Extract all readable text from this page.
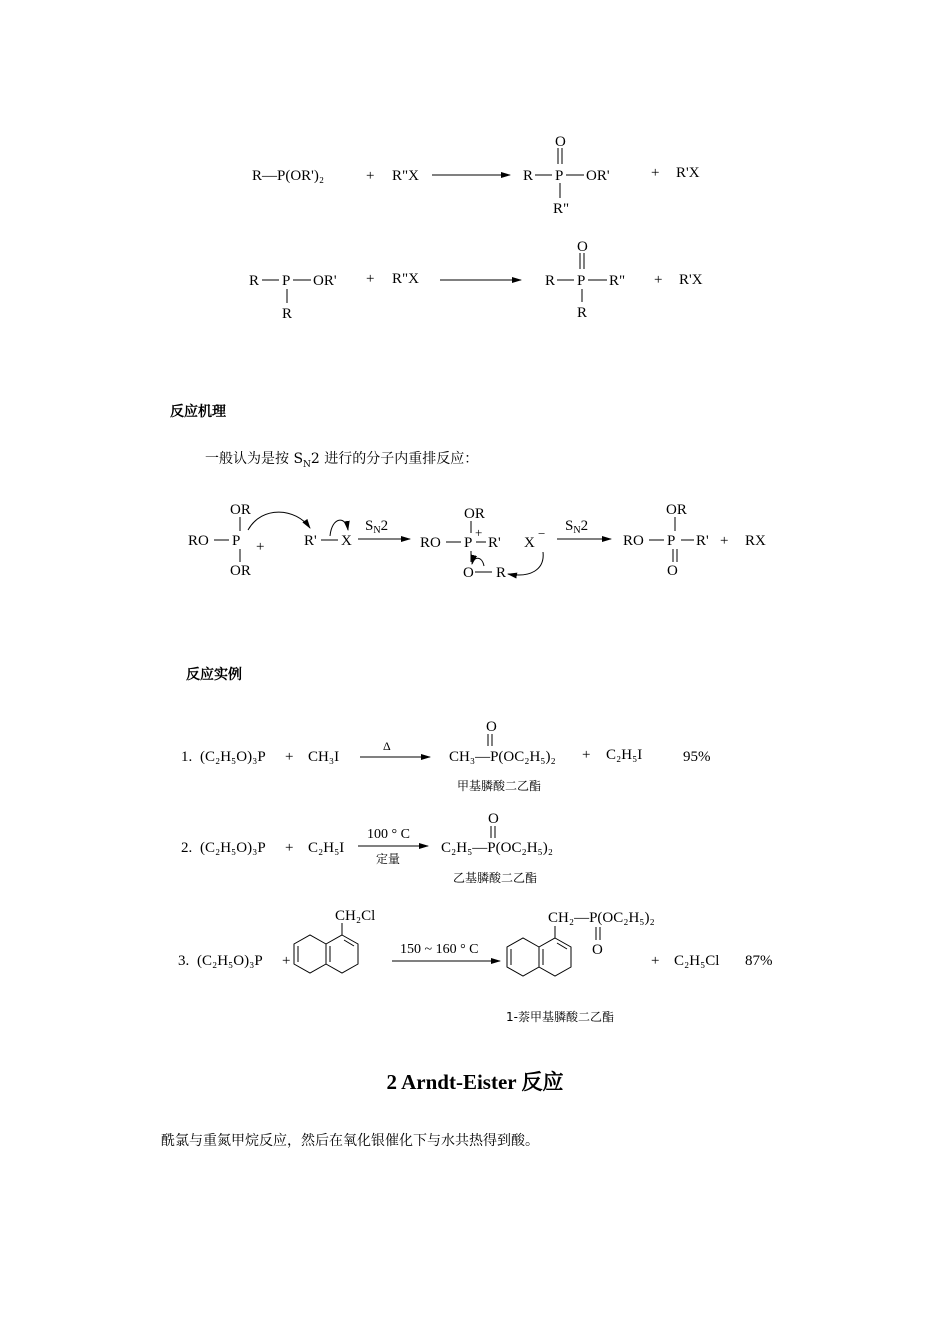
R—P(OR')₂	+ R"X	R P
O
OR'
R"
+ R'X
R P OR'
R
+ R"X	R P
O
R"
R
+ R'X
OR
RO P
OR
+	R' X
$S_N2$
OR
RO P
+
R'
O R
X
− $S_N2$
OR
RO P R'
O
+ RX
1. (C₂H₅O)₃P + CH₃I
Δ
O
CH₃—P(OC₂H₅)₂ + C₂H₅I	95%
甲基膦酸二乙酯
2. (C₂H₅O)₃P + C₂H₅I
100 ° C
定量
O
C₂H₅—P(OC₂H₅)₂
乙基膦酸二乙酯
3. (C₂H₅O)₃P +
CH₂Cl
150 ~ 160 ° C
CH₂—P(OC₂H₅)₂
O
+ C₂H₅Cl 87%
1-萘甲基膦酸二乙酯
反应机理
一般认为是按 $S_N2$ 进行的分子内重排反应：
反应实例
2 Arndt-Eister 反应
酰氯与重氮甲烷反应，然后在氧化银催化下与水共热得到酸。
